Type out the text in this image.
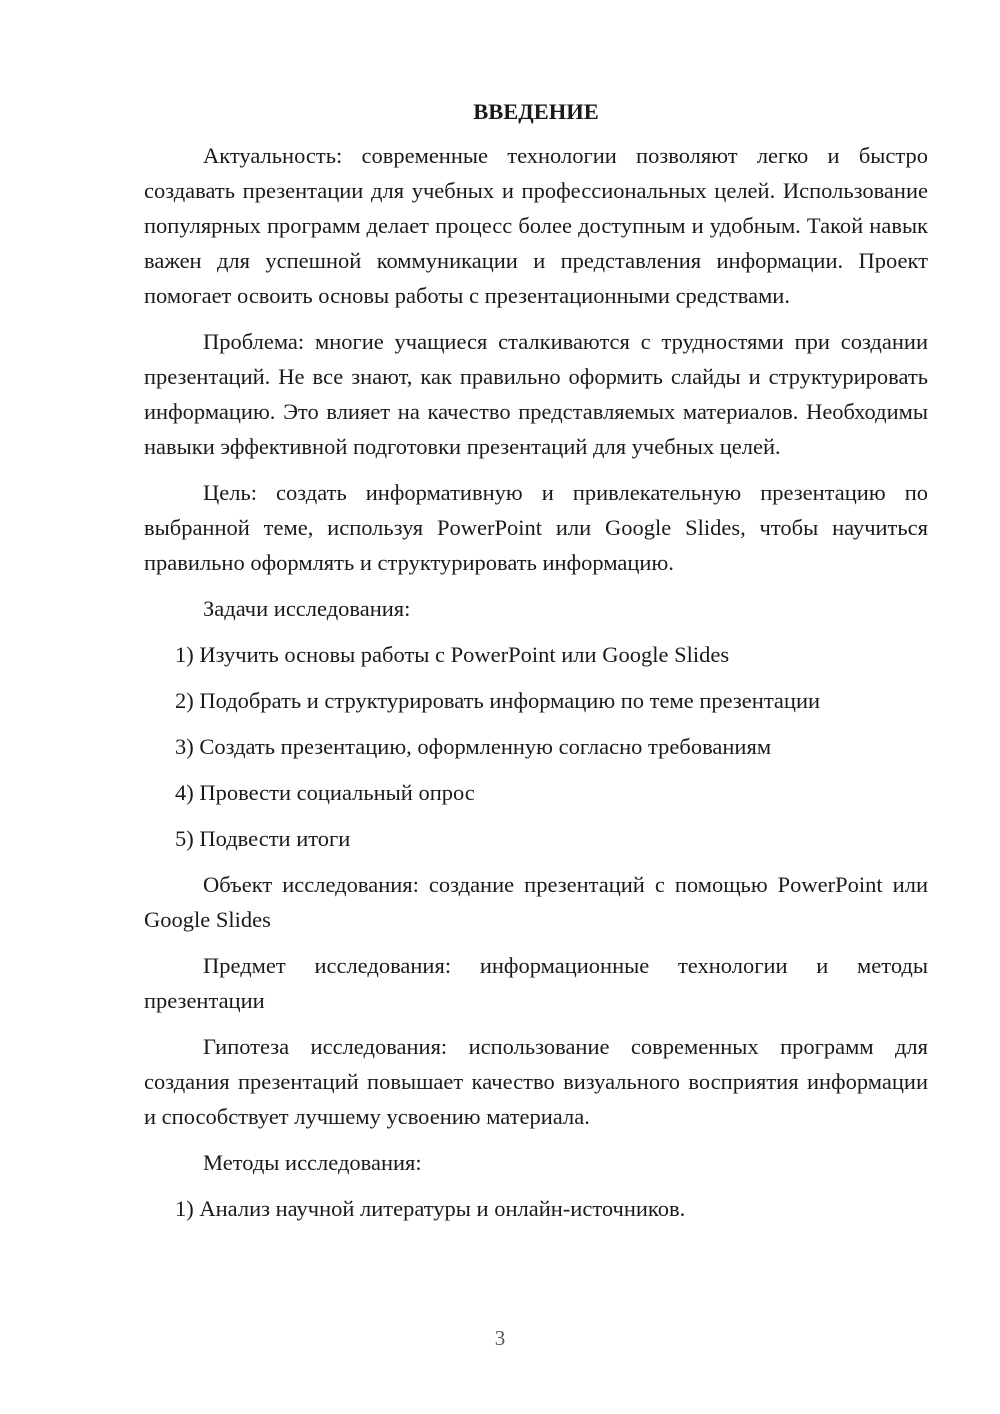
ВВЕДЕНИЕ

Актуальность: современные технологии позволяют легко и быстро создавать презентации для учебных и профессиональных целей. Использование популярных программ делает процесс более доступным и удобным. Такой навык важен для успешной коммуникации и представления информации. Проект помогает освоить основы работы с презентационными средствами.

Проблема: многие учащиеся сталкиваются с трудностями при создании презентаций. Не все знают, как правильно оформить слайды и структурировать информацию. Это влияет на качество представляемых материалов. Необходимы навыки эффективной подготовки презентаций для учебных целей.

Цель: создать информативную и привлекательную презентацию по выбранной теме, используя PowerPoint или Google Slides, чтобы научиться правильно оформлять и структурировать информацию.

Задачи исследования:

1) Изучить основы работы с PowerPoint или Google Slides
2) Подобрать и структурировать информацию по теме презентации
3) Создать презентацию, оформленную согласно требованиям
4) Провести социальный опрос
5) Подвести итоги

Объект исследования: создание презентаций с помощью PowerPoint или Google Slides

Предмет исследования: информационные технологии и методы презентации

Гипотеза исследования: использование современных программ для создания презентаций повышает качество визуального восприятия информации и способствует лучшему усвоению материала.

Методы исследования:

1) Анализ научной литературы и онлайн-источников.
3
